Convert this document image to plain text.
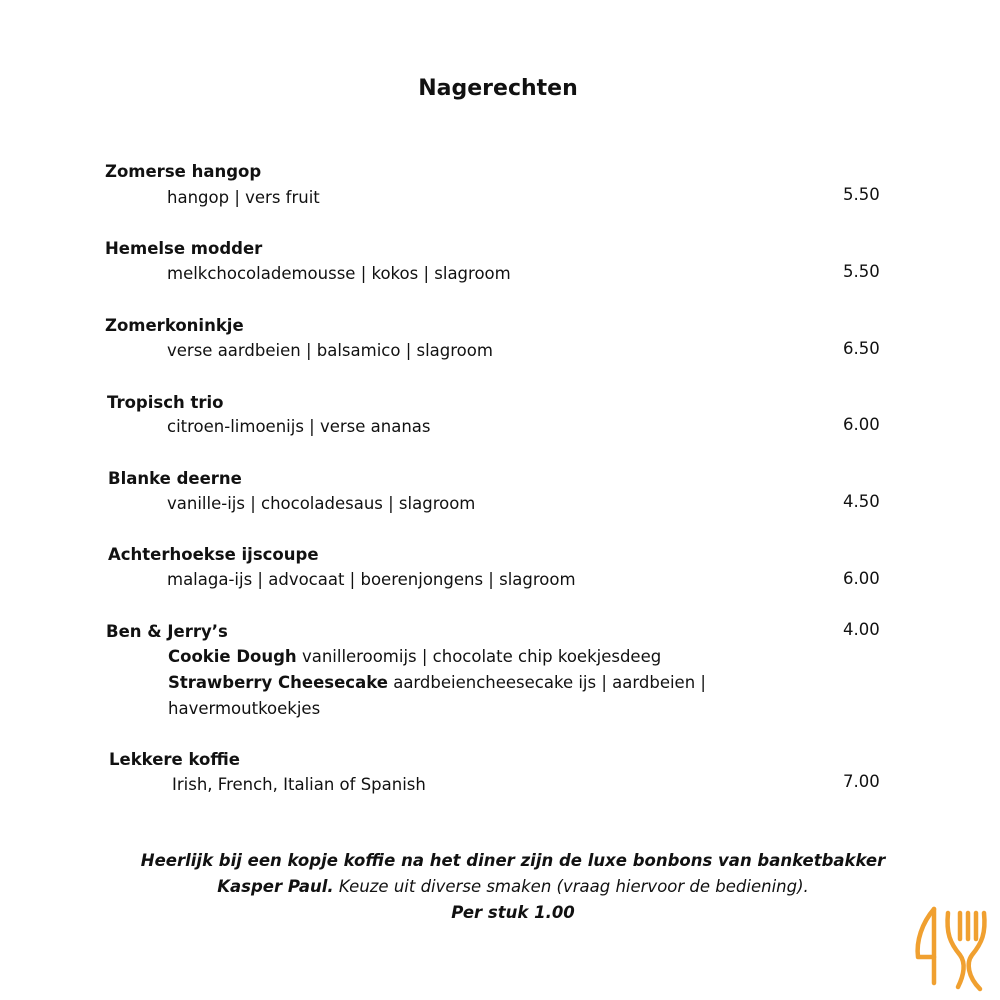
Nagerechten
Zomerse hangop
hangop | vers fruit	5.50
Hemelse modder
melkchocolademousse | kokos | slagroom	5.50
Zomerkoninkje
verse aardbeien | balsamico | slagroom	6.50
Tropisch trio
citroen-limoenijs | verse ananas	6.00
Blanke deerne
vanille-ijs | chocoladesaus | slagroom	4.50
Achterhoekse ijscoupe
malaga-ijs | advocaat | boerenjongens | slagroom	6.00
Ben & Jerry’s	4.00
Cookie Dough vanilleroomijs | chocolate chip koekjesdeeg
Strawberry Cheesecake aardbeiencheesecake ijs | aardbeien |
havermoutkoekjes
Lekkere koffie
Irish, French, Italian of Spanish	7.00
Heerlijk bij een kopje koffie na het diner zijn de luxe bonbons van banketbakker
Kasper Paul. Keuze uit diverse smaken (vraag hiervoor de bediening).
Per stuk 1.00
